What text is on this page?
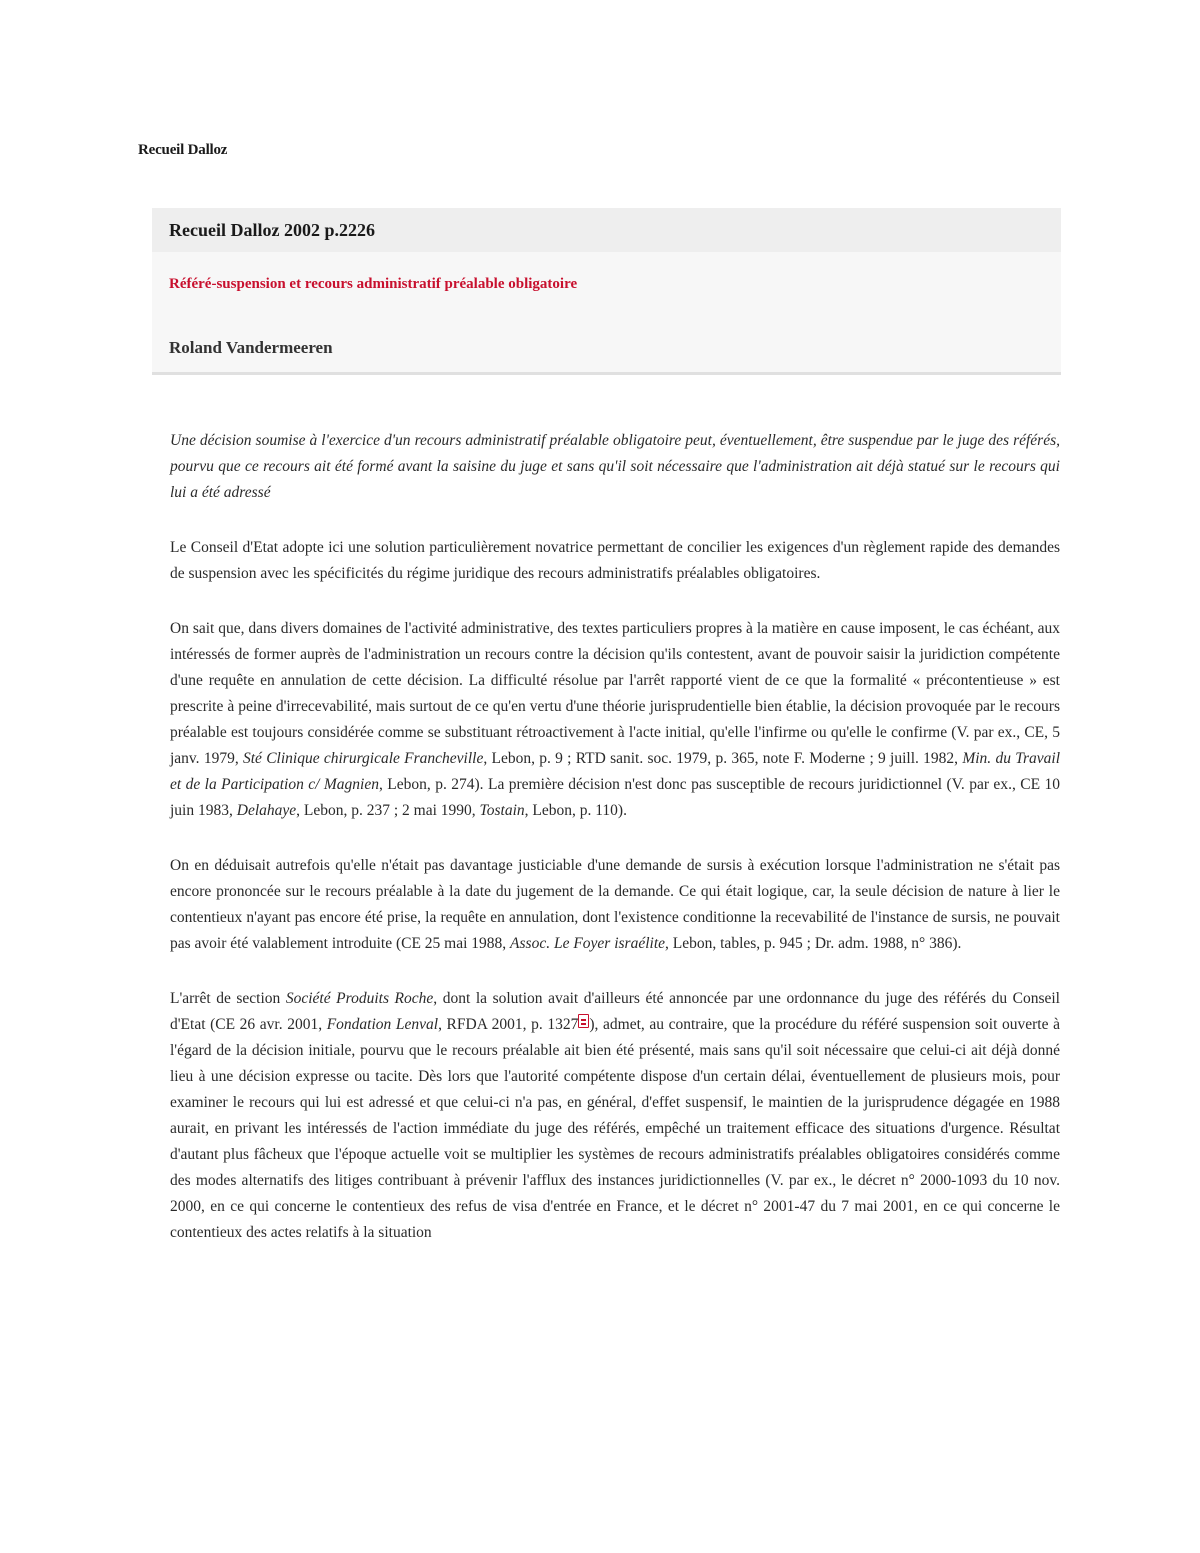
Recueil Dalloz
Recueil Dalloz 2002 p.2226
Référé-suspension et recours administratif préalable obligatoire
Roland Vandermeeren

Une décision soumise à l'exercice d'un recours administratif préalable obligatoire peut, éventuellement, être suspendue par le juge des référés, pourvu que ce recours ait été formé avant la saisine du juge et sans qu'il soit nécessaire que l'administration ait déjà statué sur le recours qui lui a été adressé

Le Conseil d'Etat adopte ici une solution particulièrement novatrice permettant de concilier les exigences d'un règlement rapide des demandes de suspension avec les spécificités du régime juridique des recours administratifs préalables obligatoires.

On sait que, dans divers domaines de l'activité administrative, des textes particuliers propres à la matière en cause imposent, le cas échéant, aux intéressés de former auprès de l'administration un recours contre la décision qu'ils contestent, avant de pouvoir saisir la juridiction compétente d'une requête en annulation de cette décision. La difficulté résolue par l'arrêt rapporté vient de ce que la formalité « précontentieuse » est prescrite à peine d'irrecevabilité, mais surtout de ce qu'en vertu d'une théorie jurisprudentielle bien établie, la décision provoquée par le recours préalable est toujours considérée comme se substituant rétroactivement à l'acte initial, qu'elle l'infirme ou qu'elle le confirme (V. par ex., CE, 5 janv. 1979, Sté Clinique chirurgicale Francheville, Lebon, p. 9 ; RTD sanit. soc. 1979, p. 365, note F. Moderne ; 9 juill. 1982, Min. du Travail et de la Participation c/ Magnien, Lebon, p. 274). La première décision n'est donc pas susceptible de recours juridictionnel (V. par ex., CE 10 juin 1983, Delahaye, Lebon, p. 237 ; 2 mai 1990, Tostain, Lebon, p. 110).

On en déduisait autrefois qu'elle n'était pas davantage justiciable d'une demande de sursis à exécution lorsque l'administration ne s'était pas encore prononcée sur le recours préalable à la date du jugement de la demande. Ce qui était logique, car, la seule décision de nature à lier le contentieux n'ayant pas encore été prise, la requête en annulation, dont l'existence conditionne la recevabilité de l'instance de sursis, ne pouvait pas avoir été valablement introduite (CE 25 mai 1988, Assoc. Le Foyer israélite, Lebon, tables, p. 945 ; Dr. adm. 1988, n° 386).

L'arrêt de section Société Produits Roche, dont la solution avait d'ailleurs été annoncée par une ordonnance du juge des référés du Conseil d'Etat (CE 26 avr. 2001, Fondation Lenval, RFDA 2001, p. 1327 ), admet, au contraire, que la procédure du référé suspension soit ouverte à l'égard de la décision initiale, pourvu que le recours préalable ait bien été présenté, mais sans qu'il soit nécessaire que celui-ci ait déjà donné lieu à une décision expresse ou tacite. Dès lors que l'autorité compétente dispose d'un certain délai, éventuellement de plusieurs mois, pour examiner le recours qui lui est adressé et que celui-ci n'a pas, en général, d'effet suspensif, le maintien de la jurisprudence dégagée en 1988 aurait, en privant les intéressés de l'action immédiate du juge des référés, empêché un traitement efficace des situations d'urgence. Résultat d'autant plus fâcheux que l'époque actuelle voit se multiplier les systèmes de recours administratifs préalables obligatoires considérés comme des modes alternatifs des litiges contribuant à prévenir l'afflux des instances juridictionnelles (V. par ex., le décret n° 2000-1093 du 10 nov. 2000, en ce qui concerne le contentieux des refus de visa d'entrée en France, et le décret n° 2001-47 du 7 mai 2001, en ce qui concerne le contentieux des actes relatifs à la situation
